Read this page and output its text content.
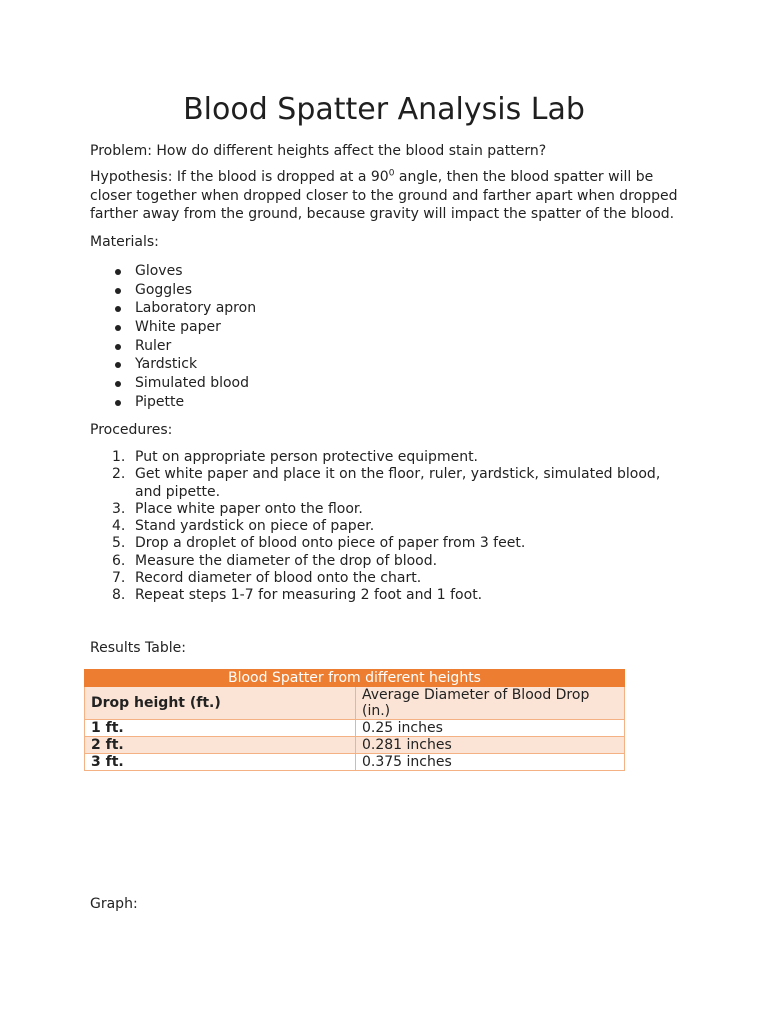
Blood Spatter Analysis Lab

Problem: How do different heights affect the blood stain pattern?

Hypothesis: If the blood is dropped at a $90^0$ angle, then the blood spatter will be closer together when dropped closer to the ground and farther apart when dropped farther away from the ground, because gravity will impact the spatter of the blood.

Materials:

Gloves
Goggles
Laboratory apron
White paper
Ruler
Yardstick
Simulated blood
Pipette

Procedures:

1. Put on appropriate person protective equipment.
2. Get white paper and place it on the floor, ruler, yardstick, simulated blood, and pipette.
3. Place white paper onto the floor.
4. Stand yardstick on piece of paper.
5. Drop a droplet of blood onto piece of paper from 3 feet.
6. Measure the diameter of the drop of blood.
7. Record diameter of blood onto the chart.
8. Repeat steps 1-7 for measuring 2 foot and 1 foot.

Results Table:

Blood Spatter from different heights	
Drop height (ft.)	Average Diameter of Blood Drop (in.)
1 ft.	0.25 inches
2 ft.	0.281 inches
3 ft.	0.375 inches

Graph:
